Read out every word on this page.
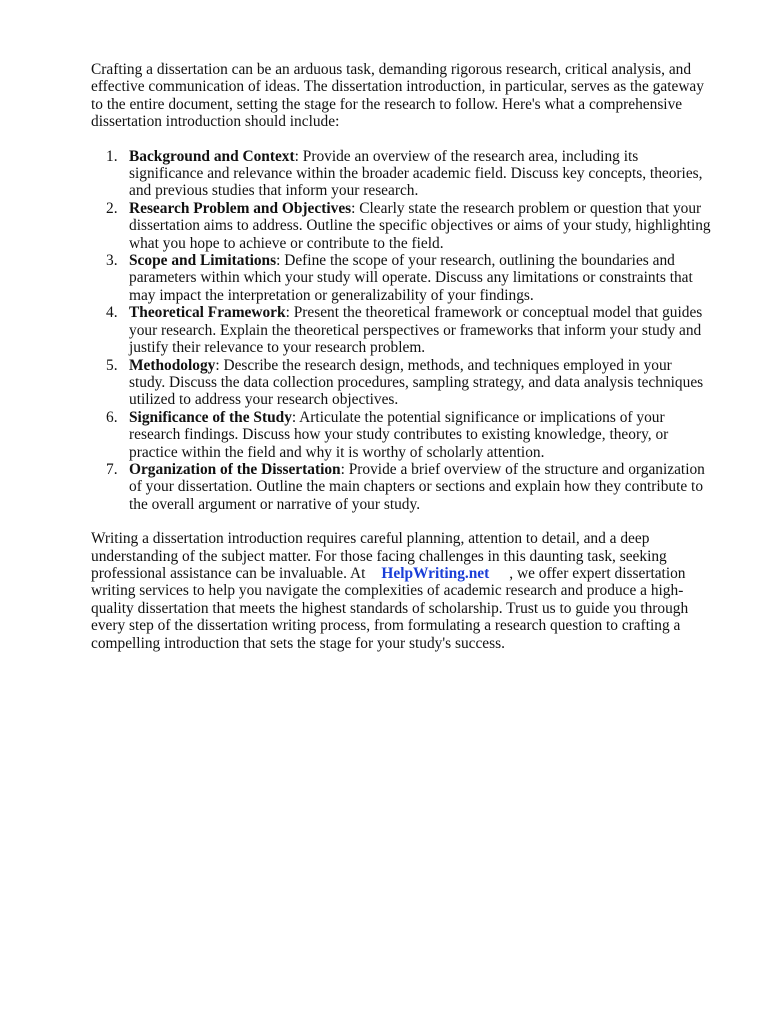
Crafting a dissertation can be an arduous task, demanding rigorous research, critical analysis, and effective communication of ideas. The dissertation introduction, in particular, serves as the gateway to the entire document, setting the stage for the research to follow. Here's what a comprehensive dissertation introduction should include:

1. Background and Context: Provide an overview of the research area, including its significance and relevance within the broader academic field. Discuss key concepts, theories, and previous studies that inform your research.
2. Research Problem and Objectives: Clearly state the research problem or question that your dissertation aims to address. Outline the specific objectives or aims of your study, highlighting what you hope to achieve or contribute to the field.
3. Scope and Limitations: Define the scope of your research, outlining the boundaries and parameters within which your study will operate. Discuss any limitations or constraints that may impact the interpretation or generalizability of your findings.
4. Theoretical Framework: Present the theoretical framework or conceptual model that guides your research. Explain the theoretical perspectives or frameworks that inform your study and justify their relevance to your research problem.
5. Methodology: Describe the research design, methods, and techniques employed in your study. Discuss the data collection procedures, sampling strategy, and data analysis techniques utilized to address your research objectives.
6. Significance of the Study: Articulate the potential significance or implications of your research findings. Discuss how your study contributes to existing knowledge, theory, or practice within the field and why it is worthy of scholarly attention.
7. Organization of the Dissertation: Provide a brief overview of the structure and organization of your dissertation. Outline the main chapters or sections and explain how they contribute to the overall argument or narrative of your study.

Writing a dissertation introduction requires careful planning, attention to detail, and a deep understanding of the subject matter. For those facing challenges in this daunting task, seeking professional assistance can be invaluable. At HelpWriting.net , we offer expert dissertation writing services to help you navigate the complexities of academic research and produce a high-quality dissertation that meets the highest standards of scholarship. Trust us to guide you through every step of the dissertation writing process, from formulating a research question to crafting a compelling introduction that sets the stage for your study's success.
